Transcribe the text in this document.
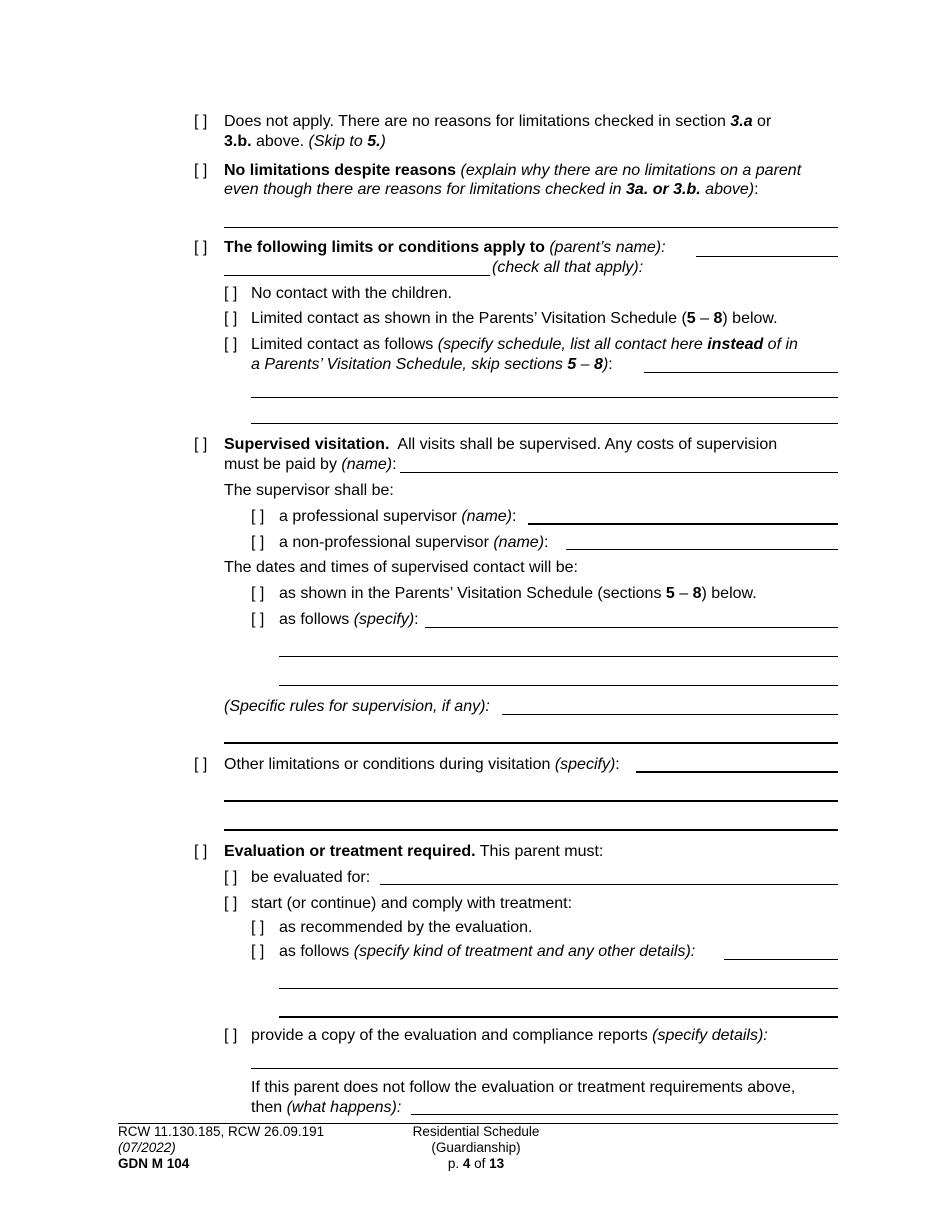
[ ] Does not apply. There are no reasons for limitations checked in section 3.a or
3.b. above. (Skip to 5.)
[ ] No limitations despite reasons (explain why there are no limitations on a parent
even though there are reasons for limitations checked in 3a. or 3.b. above):
[ ] The following limits or conditions apply to (parent’s name):
(check all that apply):
[ ] No contact with the children.
[ ] Limited contact as shown in the Parents’ Visitation Schedule (5 – 8) below.
[ ] Limited contact as follows (specify schedule, list all contact here instead of in
a Parents’ Visitation Schedule, skip sections 5 – 8):
[ ] Supervised visitation.  All visits shall be supervised. Any costs of supervision
must be paid by (name):
The supervisor shall be:
[ ] a professional supervisor (name):
[ ] a non-professional supervisor (name):
The dates and times of supervised contact will be:
[ ] as shown in the Parents’ Visitation Schedule (sections 5 – 8) below.
[ ] as follows (specify):
(Specific rules for supervision, if any):
[ ] Other limitations or conditions during visitation (specify):
[ ] Evaluation or treatment required. This parent must:
[ ] be evaluated for:
[ ] start (or continue) and comply with treatment:
[ ] as recommended by the evaluation.
[ ] as follows (specify kind of treatment and any other details):
[ ] provide a copy of the evaluation and compliance reports (specify details):
If this parent does not follow the evaluation or treatment requirements above,
then (what happens):
RCW 11.130.185, RCW 26.09.191
(07/2022)
GDN M 104
Residential Schedule
(Guardianship)
p. 4 of 13
